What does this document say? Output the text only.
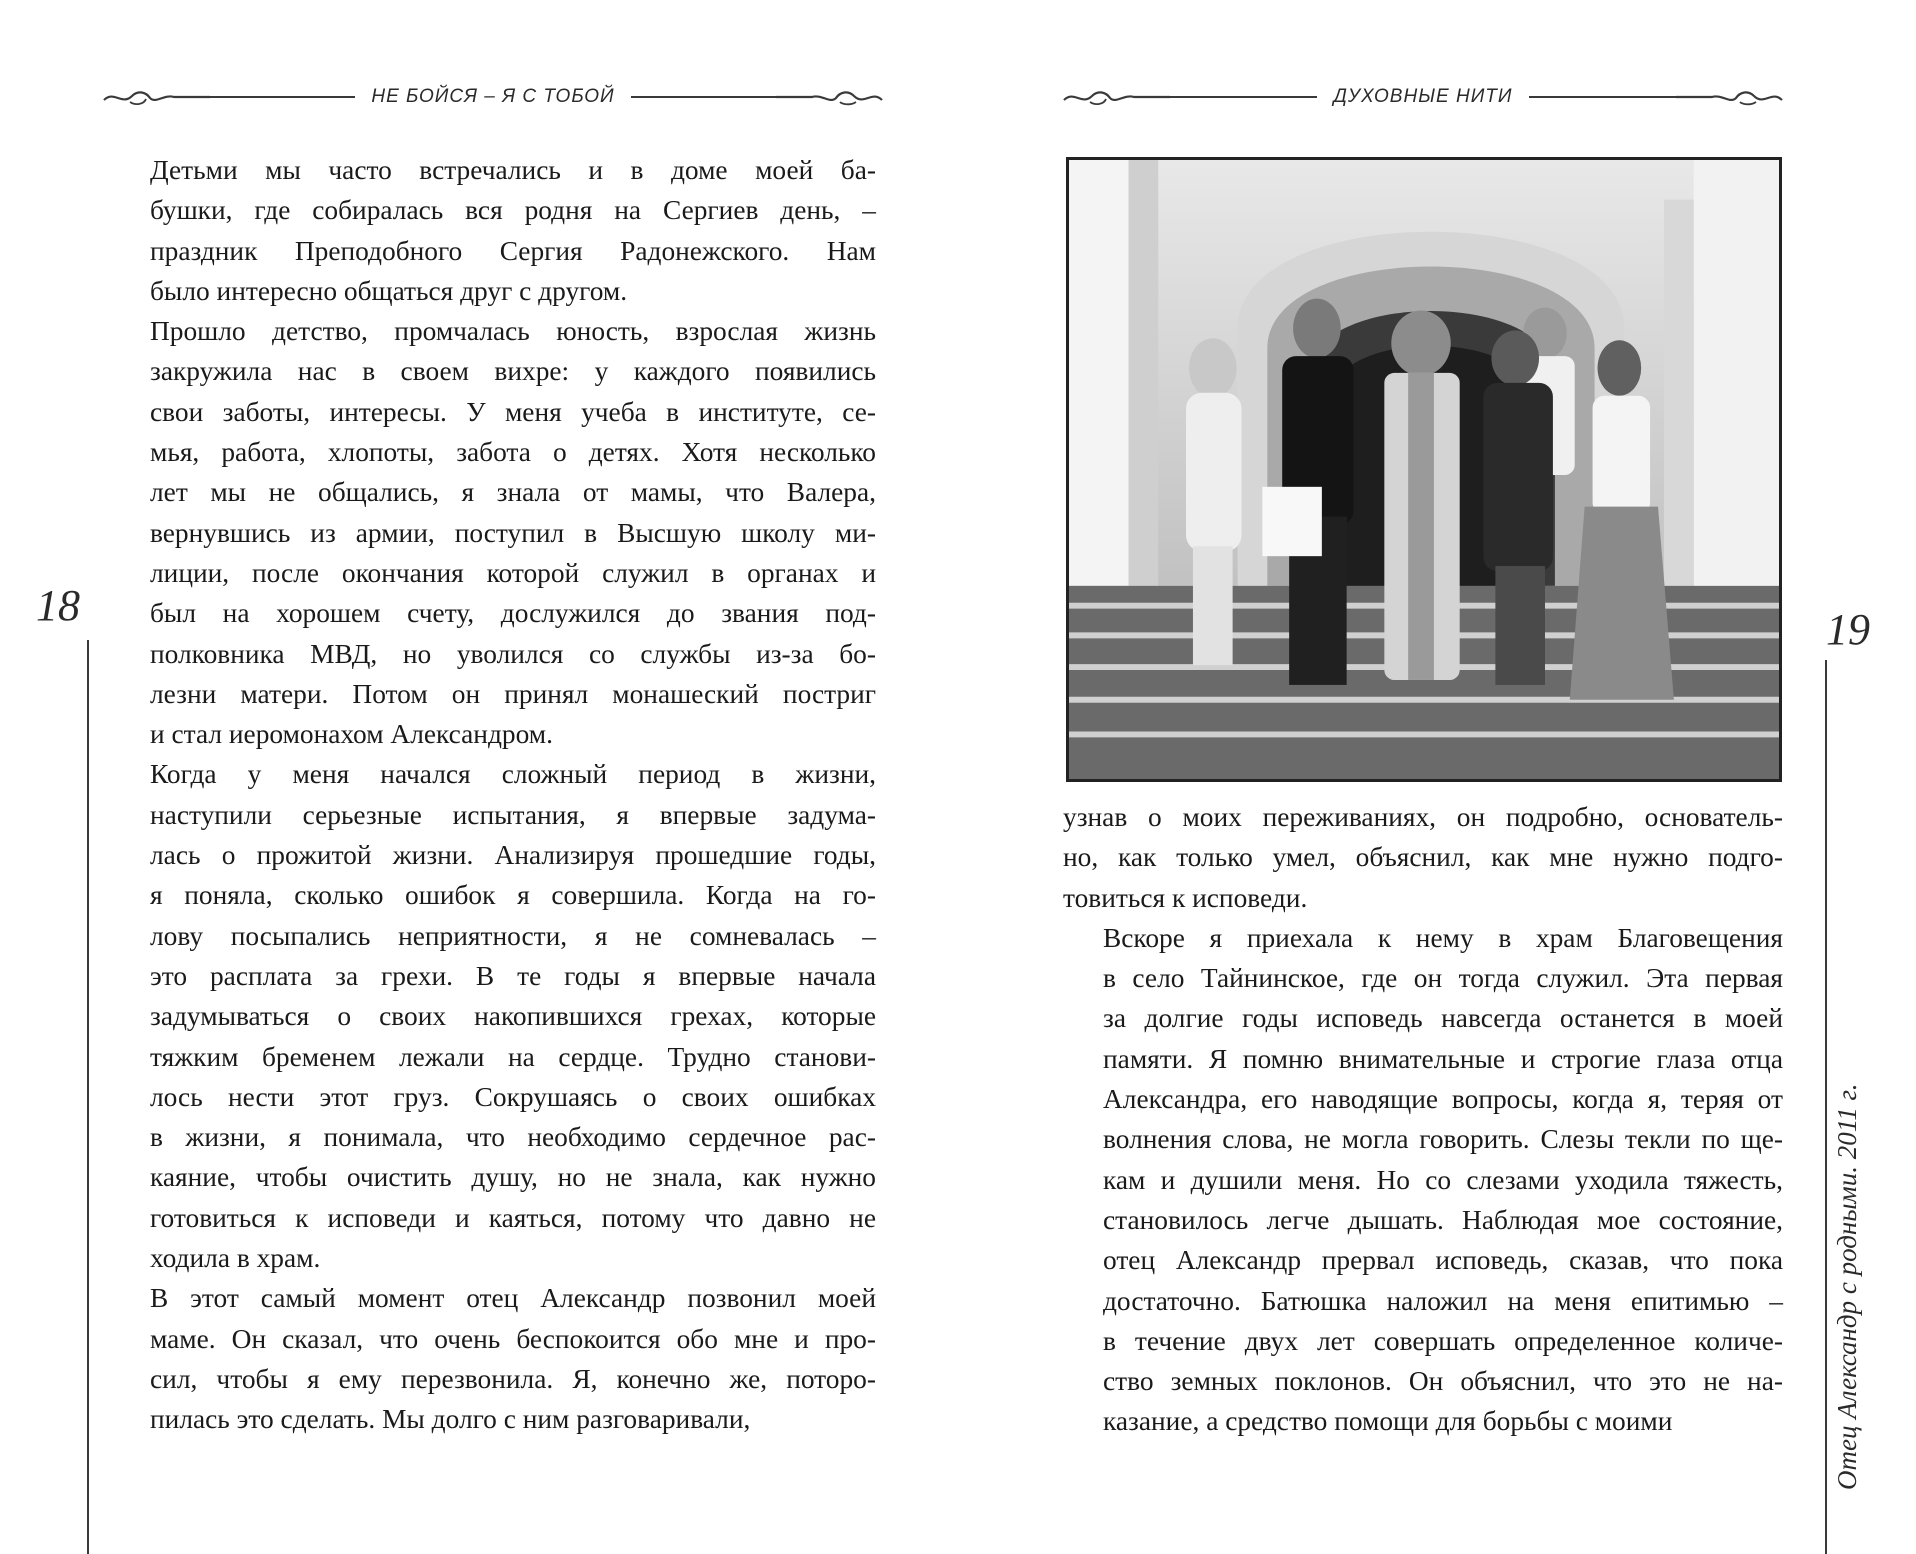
НЕ БОЙСЯ – Я С ТОБОЙ
18

Детьми мы часто встречались и в доме моей ба-
бушки, где собиралась вся родня на Сергиев день, –
праздник Преподобного Сергия Радонежского. Нам
было интересно общаться друг с другом.

Прошло детство, промчалась юность, взрослая жизнь
закружила нас в своем вихре: у каждого появились
свои заботы, интересы. У меня учеба в институте, се-
мья, работа, хлопоты, забота о детях. Хотя несколько
лет мы не общались, я знала от мамы, что Валера,
вернувшись из армии, поступил в Высшую школу ми-
лиции, после окончания которой служил в органах и
был на хорошем счету, дослужился до звания под-
полковника МВД, но уволился со службы из-за бо-
лезни матери. Потом он принял монашеский постриг
и стал иеромонахом Александром.

Когда у меня начался сложный период в жизни,
наступили серьезные испытания, я впервые задума-
лась о прожитой жизни. Анализируя прошедшие годы,
я поняла, сколько ошибок я совершила. Когда на го-
лову посыпались неприятности, я не сомневалась –
это расплата за грехи. В те годы я впервые начала
задумываться о своих накопившихся грехах, которые
тяжким бременем лежали на сердце. Трудно станови-
лось нести этот груз. Сокрушаясь о своих ошибках
в жизни, я понимала, что необходимо сердечное рас-
каяние, чтобы очистить душу, но не знала, как нужно
готовиться к исповеди и каяться, потому что давно не
ходила в храм.

В этот самый момент отец Александр позвонил моей
маме. Он сказал, что очень беспокоится обо мне и про-
сил, чтобы я ему перезвонила. Я, конечно же, поторо-
пилась это сделать. Мы долго с ним разговаривали,

ДУХОВНЫЕ НИТИ

узнав о моих переживаниях, он подробно, основатель-
но, как только умел, объяснил, как мне нужно подго-
товиться к исповеди.

Вскоре я приехала к нему в храм Благовещения
в село Тайнинское, где он тогда служил. Эта первая
за долгие годы исповедь навсегда останется в моей
памяти. Я помню внимательные и строгие глаза отца
Александра, его наводящие вопросы, когда я, теряя от
волнения слова, не могла говорить. Слезы текли по ще-
кам и душили меня. Но со слезами уходила тяжесть,
становилось легче дышать. Наблюдая мое состояние,
отец Александр прервал исповедь, сказав, что пока
достаточно. Батюшка наложил на меня епитимью –
в течение двух лет совершать определенное количе-
ство земных поклонов. Он объяснил, что это не на-
казание, а средство помощи для борьбы с моими

19
Отец Александр с родными. 2011 г.
